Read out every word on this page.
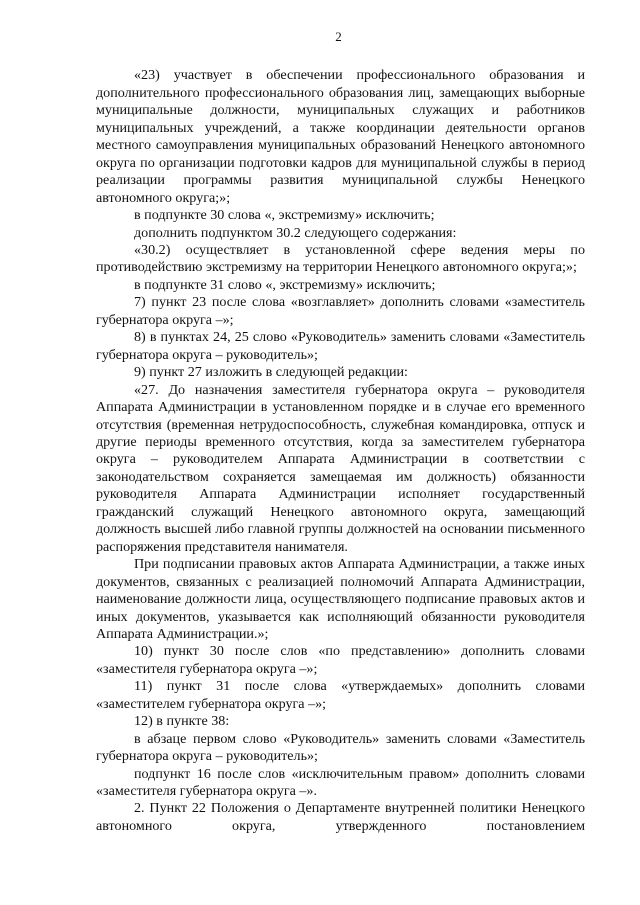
2

«23) участвует в обеспечении профессионального образования и дополнительного профессионального образования лиц, замещающих выборные муниципальные должности, муниципальных служащих и работников муниципальных учреждений, а также координации деятельности органов местного самоуправления муниципальных образований Ненецкого автономного округа по организации подготовки кадров для муниципальной службы в период реализации программы развития муниципальной службы Ненецкого автономного округа;»;

в подпункте 30 слова «, экстремизму» исключить;

дополнить подпунктом 30.2 следующего содержания:

«30.2) осуществляет в установленной сфере ведения меры по противодействию экстремизму на территории Ненецкого автономного округа;»;

в подпункте 31 слово «, экстремизму» исключить;

7) пункт 23 после слова «возглавляет» дополнить словами «заместитель губернатора округа –»;

8) в пунктах 24, 25 слово «Руководитель» заменить словами «Заместитель губернатора округа – руководитель»;

9) пункт 27 изложить в следующей редакции:

«27. До назначения заместителя губернатора округа – руководителя Аппарата Администрации в установленном порядке и в случае его временного отсутствия (временная нетрудоспособность, служебная командировка, отпуск и другие периоды временного отсутствия, когда за заместителем губернатора округа – руководителем Аппарата Администрации в соответствии с законодательством сохраняется замещаемая им должность) обязанности руководителя Аппарата Администрации исполняет государственный гражданский служащий Ненецкого автономного округа, замещающий должность высшей либо главной группы должностей на основании письменного распоряжения представителя нанимателя.

При подписании правовых актов Аппарата Администрации, а также иных документов, связанных с реализацией полномочий Аппарата Администрации, наименование должности лица, осуществляющего подписание правовых актов и иных документов, указывается как исполняющий обязанности руководителя Аппарата Администрации.»;

10) пункт 30 после слов «по представлению» дополнить словами «заместителя губернатора округа –»;

11) пункт 31 после слова «утверждаемых» дополнить словами «заместителем губернатора округа –»;

12) в пункте 38:

в абзаце первом слово «Руководитель» заменить словами «Заместитель губернатора округа – руководитель»;

подпункт 16 после слов «исключительным правом» дополнить словами «заместителя губернатора округа –».

2. Пункт 22 Положения о Департаменте внутренней политики Ненецкого автономного округа, утвержденного постановлением
